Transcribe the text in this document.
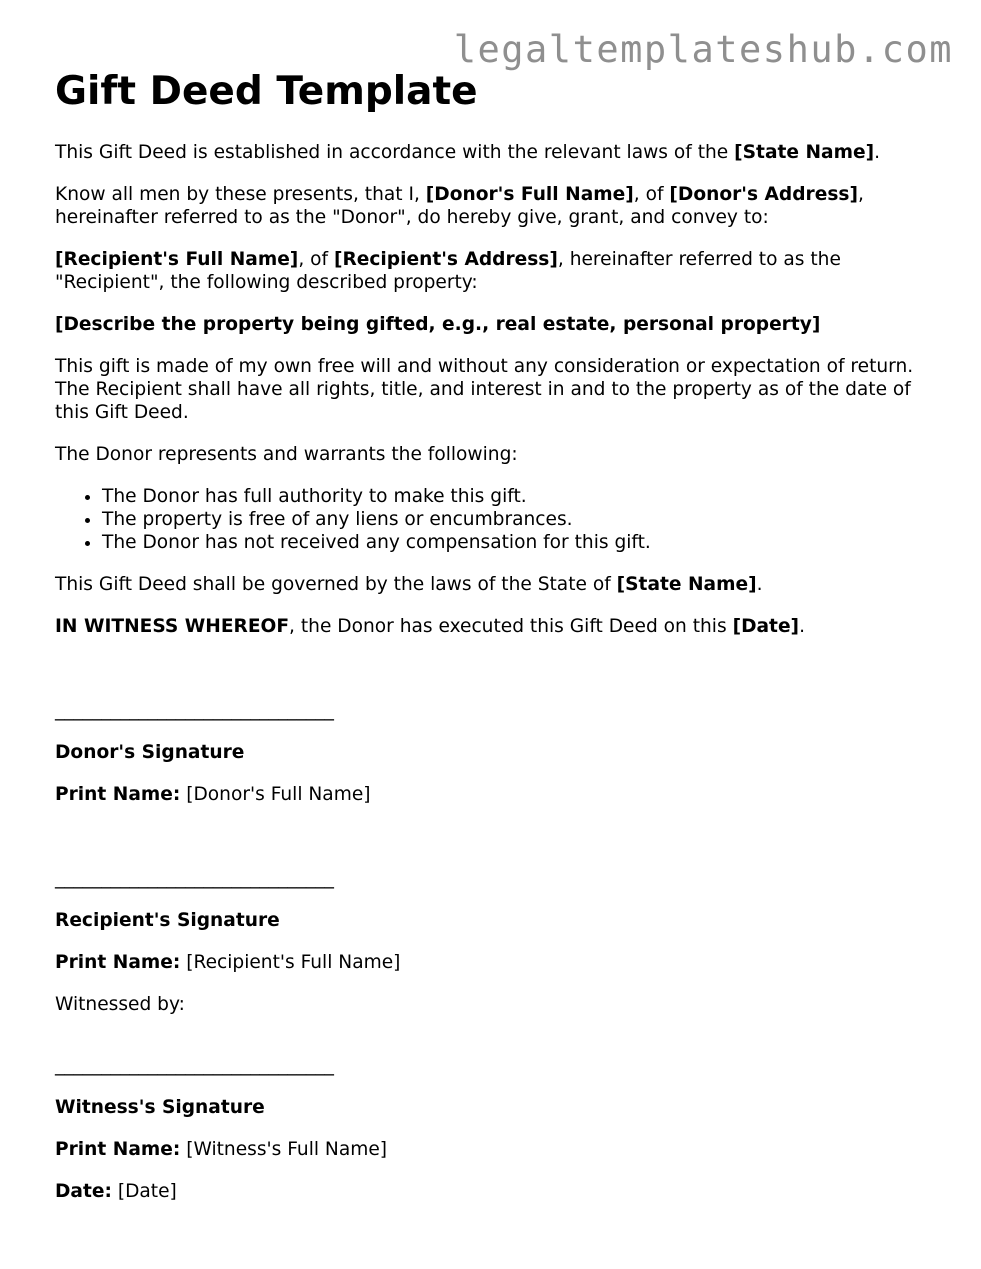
legaltemplateshub.com
Gift Deed Template

This Gift Deed is established in accordance with the relevant laws of the [State Name].

Know all men by these presents, that I, [Donor's Full Name], of [Donor's Address], hereinafter referred to as the "Donor", do hereby give, grant, and convey to:

[Recipient's Full Name], of [Recipient's Address], hereinafter referred to as the "Recipient", the following described property:

[Describe the property being gifted, e.g., real estate, personal property]

This gift is made of my own free will and without any consideration or expectation of return. The Recipient shall have all rights, title, and interest in and to the property as of the date of this Gift Deed.

The Donor represents and warrants the following:

• The Donor has full authority to make this gift.
• The property is free of any liens or encumbrances.
• The Donor has not received any compensation for this gift.

This Gift Deed shall be governed by the laws of the State of [State Name].

IN WITNESS WHEREOF, the Donor has executed this Gift Deed on this [Date].

______________________________

Donor's Signature

Print Name: [Donor's Full Name]

______________________________

Recipient's Signature

Print Name: [Recipient's Full Name]

Witnessed by:

______________________________

Witness's Signature

Print Name: [Witness's Full Name]

Date: [Date]
